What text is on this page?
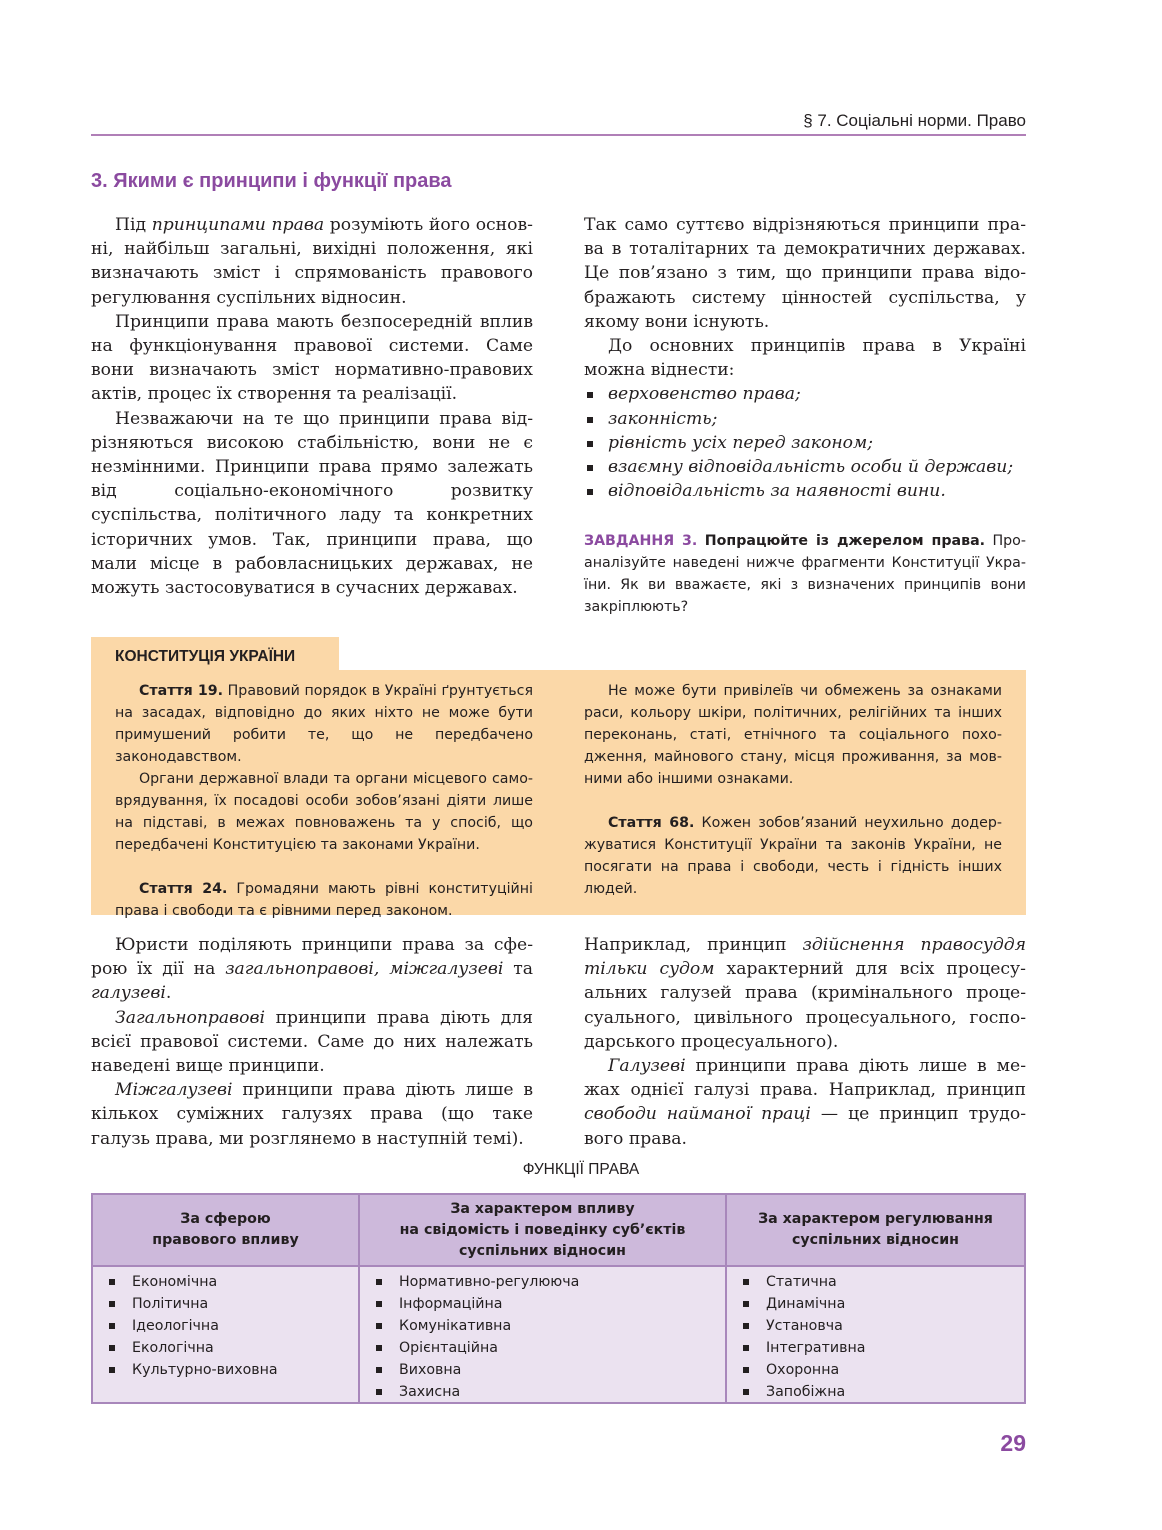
§ 7. Соціальні норми. Право
3. Якими є принципи і функції права

Під принципами права розуміють його основні, найбільш загальні, вихідні положення, які визначають зміст і спрямованість правового регулювання суспільних відносин.

Принципи права мають безпосередній вплив на функціонування правової системи. Саме вони визначають зміст нормативно-правових актів, процес їх створення та реалізації.

Незважаючи на те що принципи права відрізняються високою стабільністю, вони не є незмінними. Принципи права прямо залежать від соціально-економічного розвитку суспільства, політичного ладу та конкретних історичних умов. Так, принципи права, що мали місце в рабовласницьких державах, не можуть застосовуватися в сучасних державах.

Так само суттєво відрізняються принципи права в тоталітарних та демократичних державах. Це пов’язано з тим, що принципи права відображають систему цінностей суспільства, у якому вони існують.

До основних принципів права в Україні можна віднести:

верховенство права;
законність;
рівність усіх перед законом;
взаємну відповідальність особи й держави;
відповідальність за наявності вини.
ЗАВДАННЯ 3. Попрацюйте із джерелом права. Проаналізуйте наведені нижче фрагменти Конституції України. Як ви вважаєте, які з визначених принципів вони закріплюють?
КОНСТИТУЦІЯ УКРАЇНИ

Стаття 19. Правовий порядок в Україні ґрунтується на засадах, відповідно до яких ніхто не може бути примушений робити те, що не передбачено законодавством.

Органи державної влади та органи місцевого самоврядування, їх посадові особи зобов’язані діяти лише на підставі, в межах повноважень та у спосіб, що передбачені Конституцією та законами України.

Стаття 24. Громадяни мають рівні конституційні права і свободи та є рівними перед законом.

Не може бути привілеїв чи обмежень за ознаками раси, кольору шкіри, політичних, релігійних та інших переконань, статі, етнічного та соціального походження, майнового стану, місця проживання, за мовними або іншими ознаками.

Стаття 68. Кожен зобов’язаний неухильно додержуватися Конституції України та законів України, не посягати на права і свободи, честь і гідність інших людей.

Юристи поділяють принципи права за сферою їх дії на загальноправові, міжгалузеві та галузеві.

Загальноправові принципи права діють для всієї правової системи. Саме до них належать наведені вище принципи.

Міжгалузеві принципи права діють лише в кількох суміжних галузях права (що таке галузь права, ми розглянемо в наступній темі).

Наприклад, принцип здійснення правосуддя тільки судом характерний для всіх процесуальних галузей права (кримінального процесуального, цивільного процесуального, господарського процесуального).

Галузеві принципи права діють лише в межах однієї галузі права. Наприклад, принцип свободи найманої праці — це принцип трудового права.

ФУНКЦІЇ ПРАВА
За сферою
правового впливу
За характером впливу
на свідомість і поведінку суб’єктів
суспільних відносин
За характером регулювання
суспільних відносин
Економічна
Політична
Ідеологічна
Екологічна
Культурно-виховна
Нормативно-регулююча
Інформаційна
Комунікативна
Орієнтаційна
Виховна
Захисна
Статична
Динамічна
Установча
Інтегративна
Охоронна
Запобіжна
29
